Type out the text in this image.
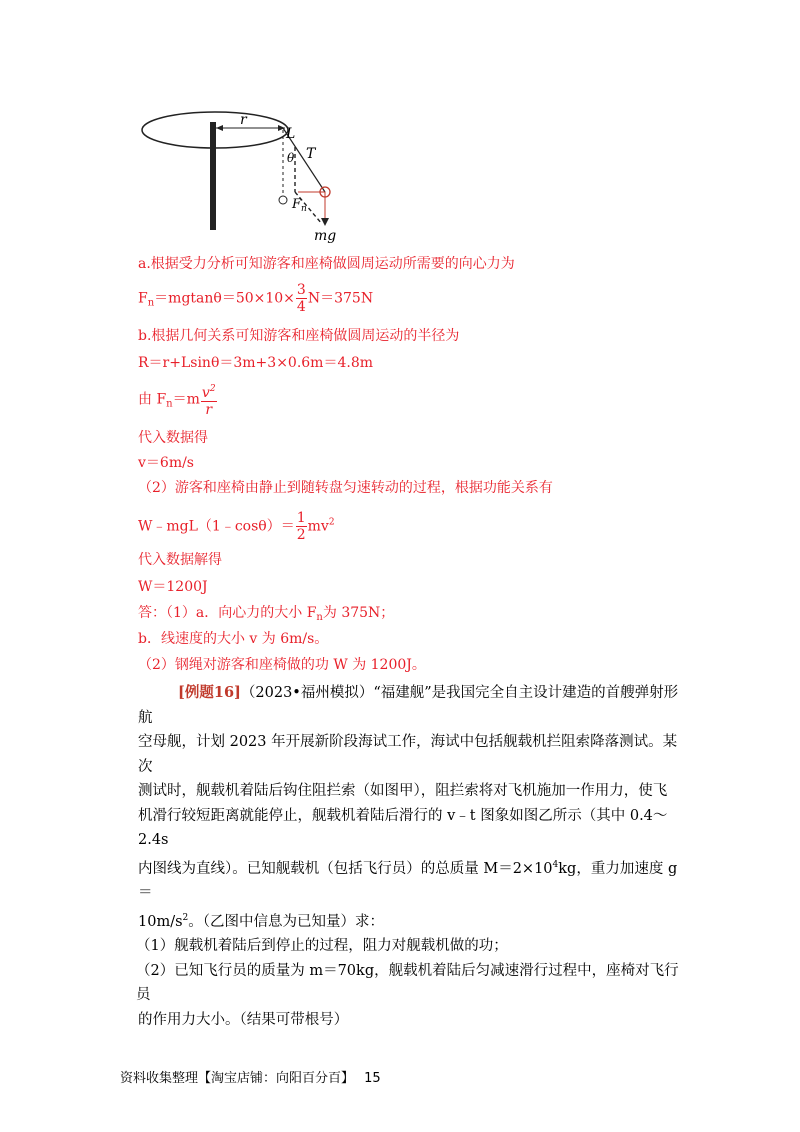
r
L
T
θ
$F_n$
mg
a.根据受力分析可知游客和座椅做圆周运动所需要的向心力为
$F_n=mgtan\theta=50\times 10\times \frac{3}{4} N=375N$
b.根据几何关系可知游客和座椅做圆周运动的半径为
R＝r+Lsinθ＝3m+3×0.6m＝4.8m
由 $F_n=m \frac{v^2}{r}$
代入数据得
v＝6m/s
（2）游客和座椅由静止到随转盘匀速转动的过程，根据功能关系有
W﹣mgL（1﹣cosθ）＝ $\frac{1}{2} mv^2$
代入数据解得
W＝1200J
答：（1）a．向心力的大小 $F_n$为 375N；
b．线速度的大小 v 为 6m/s。
（2）钢绳对游客和座椅做的功 W 为 1200J。

[例题16]（2023•福州模拟）“福建舰”是我国完全自主设计建造的首艘弹射形航

空母舰，计划 2023 年开展新阶段海试工作，海试中包括舰载机拦阻索降落测试。某次

测试时，舰载机着陆后钩住阻拦索（如图甲），阻拦索将对飞机施加一作用力，使飞

机滑行较短距离就能停止，舰载机着陆后滑行的 v﹣t 图象如图乙所示（其中 0.4～2.4s

内图线为直线）。已知舰载机（包括飞行员）的总质量 $M=2\times 10^4kg$，重力加速度 g＝

$10m/s^2$。（乙图中信息为已知量）求：

（1）舰载机着陆后到停止的过程，阻力对舰载机做的功；

（2）已知飞行员的质量为 m＝70kg，舰载机着陆后匀减速滑行过程中，座椅对飞行员

的作用力大小。（结果可带根号）

资料收集整理【淘宝店铺：向阳百分百】 15
